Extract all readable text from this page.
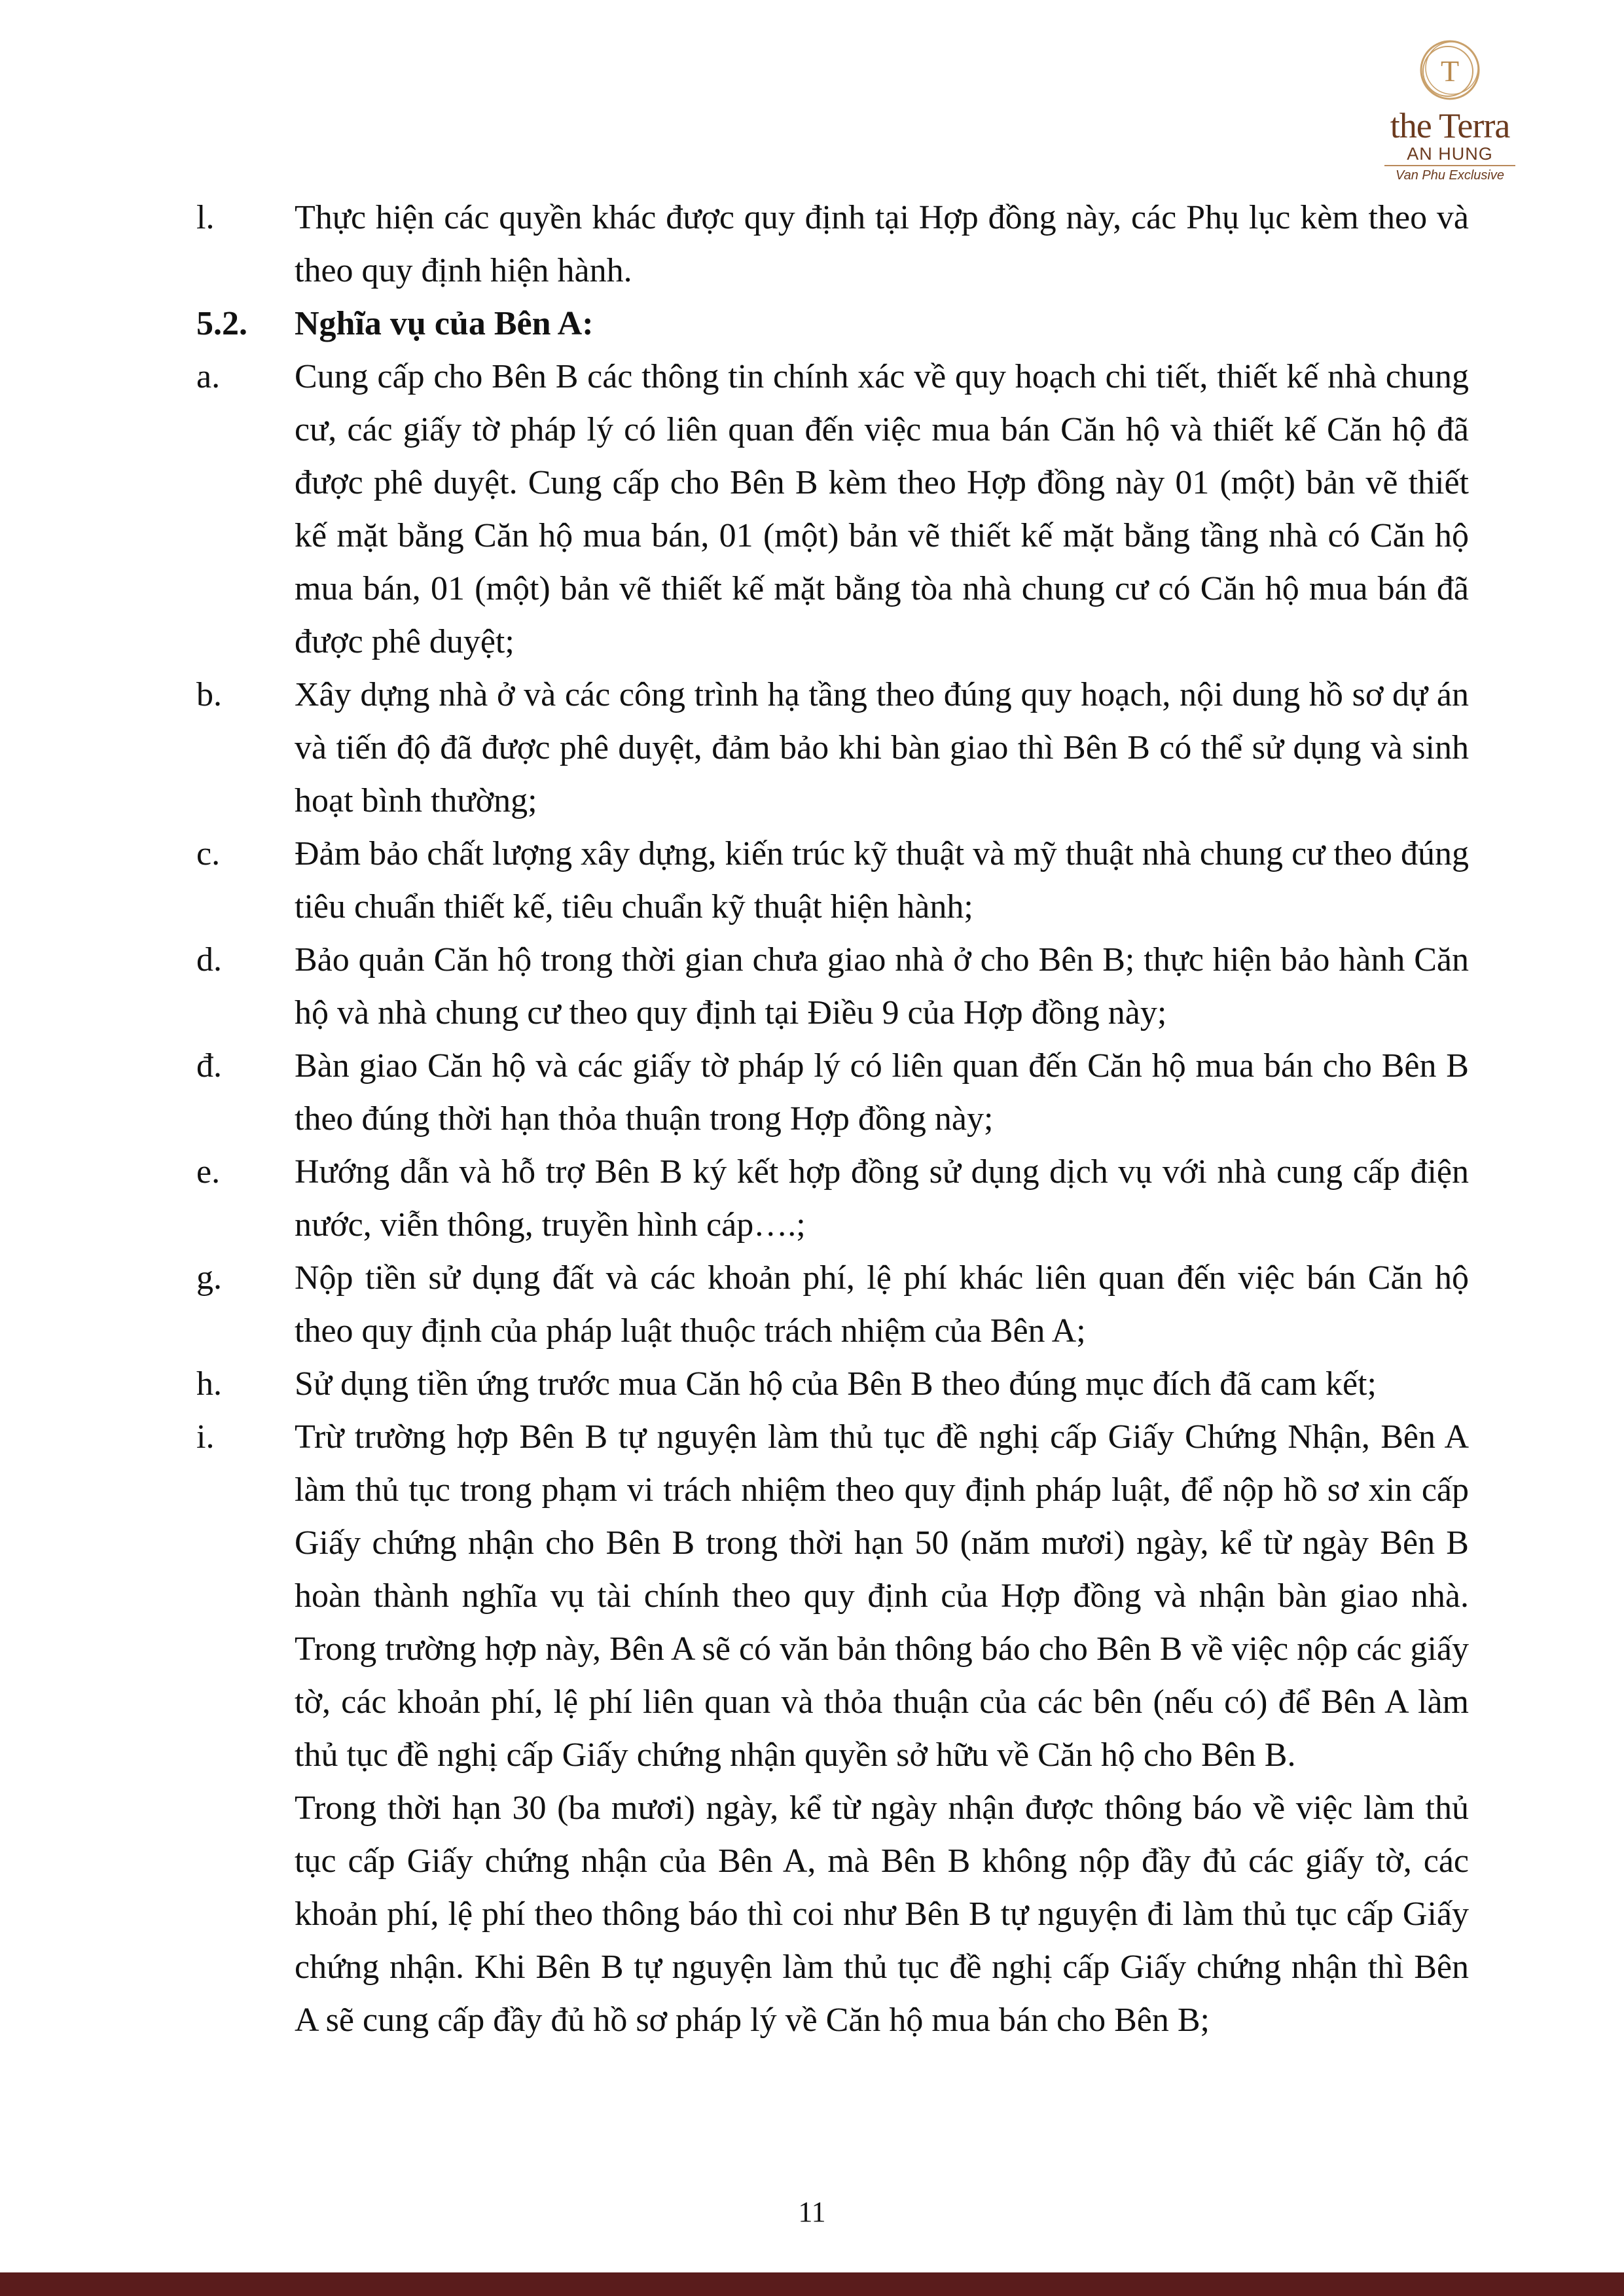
T
the Terra
AN HUNG
Van Phu Exclusive
l.	Thực hiện các quyền khác được quy định tại Hợp đồng này, các Phụ lục kèm theo và theo quy định hiện hành.
5.2.	Nghĩa vụ của Bên A:
a.	Cung cấp cho Bên B các thông tin chính xác về quy hoạch chi tiết, thiết kế nhà chung cư, các giấy tờ pháp lý có liên quan đến việc mua bán Căn hộ và thiết kế Căn hộ đã được phê duyệt. Cung cấp cho Bên B kèm theo Hợp đồng này 01 (một) bản vẽ thiết kế mặt bằng Căn hộ mua bán, 01 (một) bản vẽ thiết kế mặt bằng tầng nhà có Căn hộ mua bán, 01 (một) bản vẽ thiết kế mặt bằng tòa nhà chung cư có Căn hộ mua bán đã được phê duyệt;
b.	Xây dựng nhà ở và các công trình hạ tầng theo đúng quy hoạch, nội dung hồ sơ dự án và tiến độ đã được phê duyệt, đảm bảo khi bàn giao thì Bên B có thể sử dụng và sinh hoạt bình thường;
c.	Đảm bảo chất lượng xây dựng, kiến trúc kỹ thuật và mỹ thuật nhà chung cư theo đúng tiêu chuẩn thiết kế, tiêu chuẩn kỹ thuật hiện hành;
d.	Bảo quản Căn hộ trong thời gian chưa giao nhà ở cho Bên B; thực hiện bảo hành Căn hộ và nhà chung cư theo quy định tại Điều 9 của Hợp đồng này;
đ.	Bàn giao Căn hộ và các giấy tờ pháp lý có liên quan đến Căn hộ mua bán cho Bên B theo đúng thời hạn thỏa thuận trong Hợp đồng này;
e.	Hướng dẫn và hỗ trợ Bên B ký kết hợp đồng sử dụng dịch vụ với nhà cung cấp điện nước, viễn thông, truyền hình cáp….;
g.	Nộp tiền sử dụng đất và các khoản phí, lệ phí khác liên quan đến việc bán Căn hộ theo quy định của pháp luật thuộc trách nhiệm của Bên A;
h.	Sử dụng tiền ứng trước mua Căn hộ của Bên B theo đúng mục đích đã cam kết;
i.	Trừ trường hợp Bên B tự nguyện làm thủ tục đề nghị cấp Giấy Chứng Nhận, Bên A làm thủ tục trong phạm vi trách nhiệm theo quy định pháp luật, để nộp hồ sơ xin cấp Giấy chứng nhận cho Bên B trong thời hạn 50 (năm mươi) ngày, kể từ ngày Bên B hoàn thành nghĩa vụ tài chính theo quy định của Hợp đồng và nhận bàn giao nhà. Trong trường hợp này, Bên A sẽ có văn bản thông báo cho Bên B về việc nộp các giấy tờ, các khoản phí, lệ phí liên quan và thỏa thuận của các bên (nếu có) để Bên A làm thủ tục đề nghị cấp Giấy chứng nhận quyền sở hữu về Căn hộ cho Bên B.
Trong thời hạn 30 (ba mươi) ngày, kể từ ngày nhận được thông báo về việc làm thủ tục cấp Giấy chứng nhận của Bên A, mà Bên B không nộp đầy đủ các giấy tờ, các khoản phí, lệ phí theo thông báo thì coi như Bên B tự nguyện đi làm thủ tục cấp Giấy chứng nhận. Khi Bên B tự nguyện làm thủ tục đề nghị cấp Giấy chứng nhận thì Bên A sẽ cung cấp đầy đủ hồ sơ pháp lý về Căn hộ mua bán cho Bên B;
11
